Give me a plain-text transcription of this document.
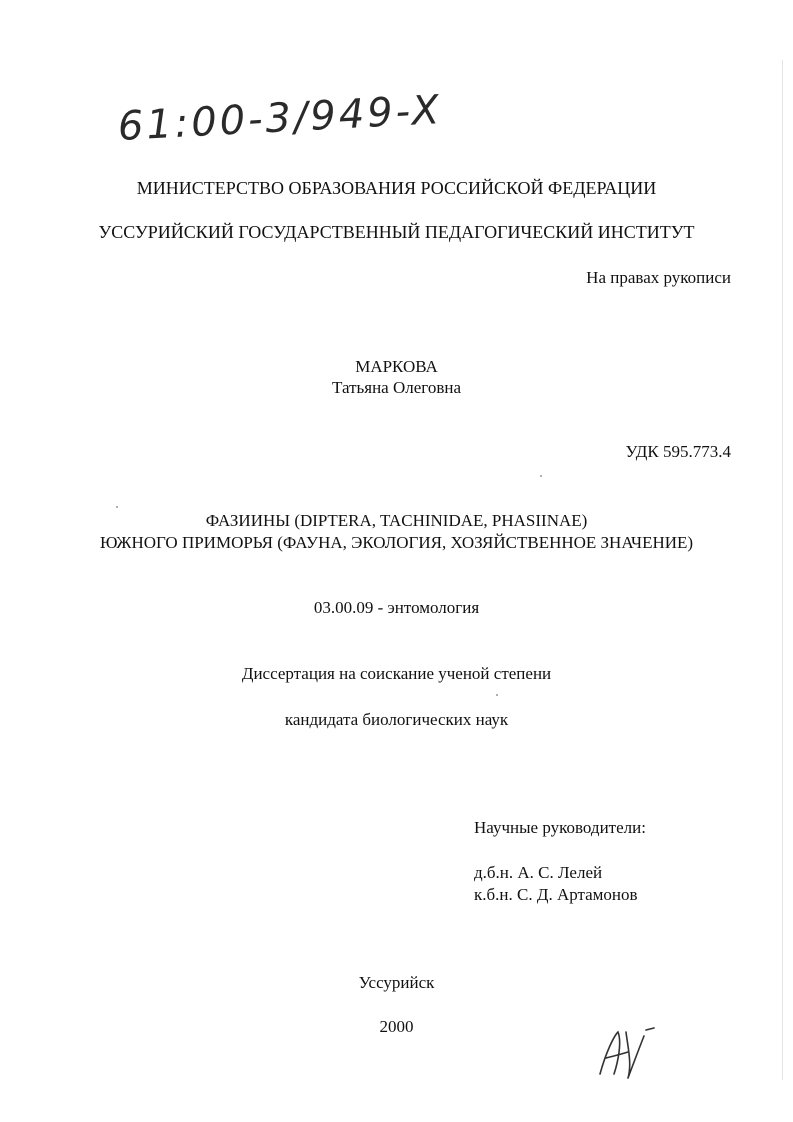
61:00-3/949-X
МИНИСТЕРСТВО ОБРАЗОВАНИЯ РОССИЙСКОЙ ФЕДЕРАЦИИ
УССУРИЙСКИЙ ГОСУДАРСТВЕННЫЙ ПЕДАГОГИЧЕСКИЙ ИНСТИТУТ
На правах рукописи
МАРКОВА
Татьяна Олеговна
УДК 595.773.4
ФАЗИИНЫ (DIPTERA, TACHINIDAE, PHASIINAE)
ЮЖНОГО ПРИМОРЬЯ (ФАУНА, ЭКОЛОГИЯ, ХОЗЯЙСТВЕННОЕ ЗНАЧЕНИЕ)
03.00.09 - энтомология
Диссертация на соискание ученой степени
кандидата биологических наук
Научные руководители:
д.б.н. А. С. Лелей
к.б.н. С. Д. Артамонов
Уссурийск
2000
